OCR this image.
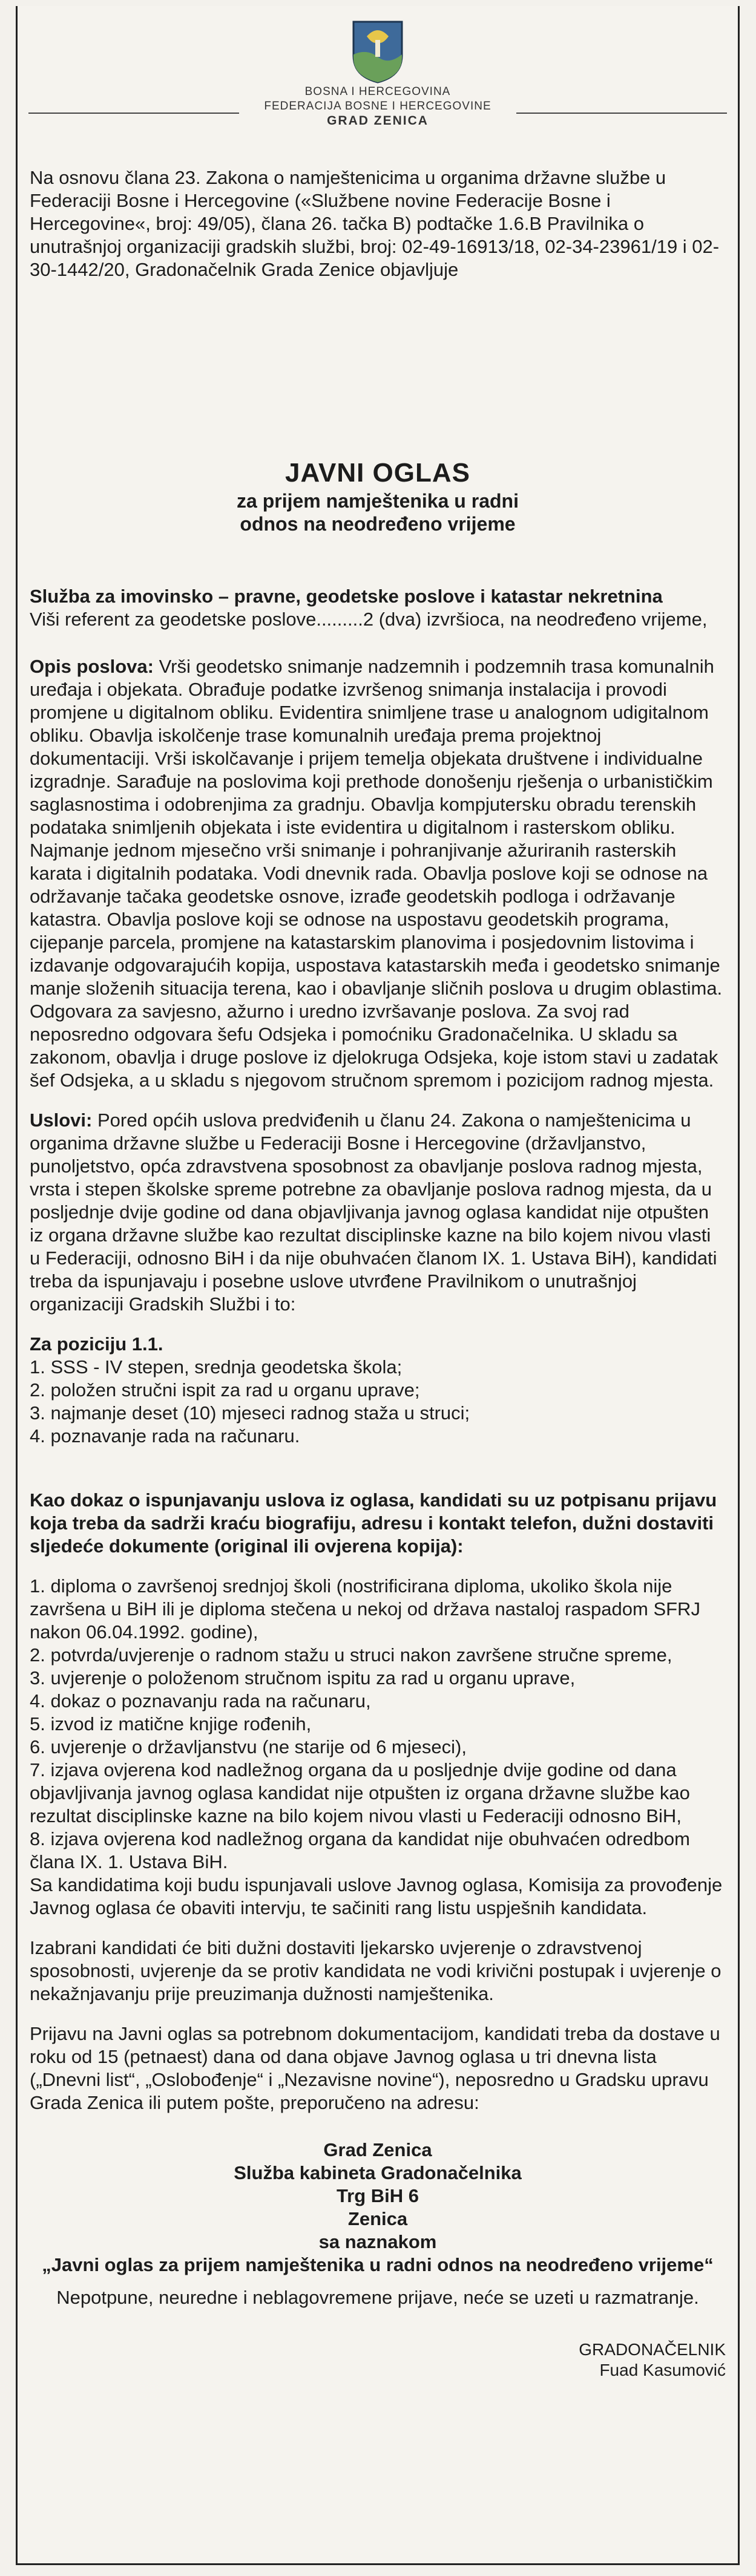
BOSNA I HERCEGOVINA
FEDERACIJA BOSNE I HERCEGOVINE
GRAD ZENICA

Na osnovu člana 23. Zakona o namještenicima u organima državne službe u Federaciji Bosne i Hercegovine («Službene novine Federacije Bosne i Hercegovine«, broj: 49/05), člana 26. tačka B) podtačke 1.6.B Pravilnika o unutrašnjoj organizaciji gradskih službi, broj: 02-49-16913/18, 02-34-23961/19 i 02-30-1442/20, Gradonačelnik Grada Zenice objavljuje

JAVNI OGLAS
za prijem namještenika u radni
odnos na neodređeno vrijeme
Služba za imovinsko – pravne, geodetske poslove i katastar nekretnina

Viši referent za geodetske poslove.........2 (dva) izvršioca, na neodređeno vrijeme,

Opis poslova: Vrši geodetsko snimanje nadzemnih i podzemnih trasa komunalnih uređaja i objekata. Obrađuje podatke izvršenog snimanja instalacija i provodi promjene u digitalnom obliku. Evidentira snimljene trase u analognom udigitalnom obliku. Obavlja iskolčenje trase komunalnih uređaja prema projektnoj dokumentaciji. Vrši iskolčavanje i prijem temelja objekata društvene i individualne izgradnje. Sarađuje na poslovima koji prethode donošenju rješenja o urbanističkim saglasnostima i odobrenjima za gradnju. Obavlja kompjutersku obradu terenskih podataka snimljenih objekata i iste evidentira u digitalnom i rasterskom obliku. Najmanje jednom mjesečno vrši snimanje i pohranjivanje ažuriranih rasterskih karata i digitalnih podataka. Vodi dnevnik rada. Obavlja poslove koji se odnose na održavanje tačaka geodetske osnove, izrađe geodetskih podloga i održavanje katastra. Obavlja poslove koji se odnose na uspostavu geodetskih programa, cijepanje parcela, promjene na katastarskim planovima i posjedovnim listovima i izdavanje odgovarajućih kopija, uspostava katastarskih međa i geodetsko snimanje manje složenih situacija terena, kao i obavljanje sličnih poslova u drugim oblastima. Odgovara za savjesno, ažurno i uredno izvršavanje poslova. Za svoj rad neposredno odgovara šefu Odsjeka i pomoćniku Gradonačelnika. U skladu sa zakonom, obavlja i druge poslove iz djelokruga Odsjeka, koje istom stavi u zadatak šef Odsjeka, a u skladu s njegovom stručnom spremom i pozicijom radnog mjesta.

Uslovi: Pored općih uslova predviđenih u članu 24. Zakona o namještenicima u organima državne službe u Federaciji Bosne i Hercegovine (državljanstvo, punoljetstvo, opća zdravstvena sposobnost za obavljanje poslova radnog mjesta, vrsta i stepen školske spreme potrebne za obavljanje poslova radnog mjesta, da u posljednje dvije godine od dana objavljivanja javnog oglasa kandidat nije otpušten iz organa državne službe kao rezultat disciplinske kazne na bilo kojem nivou vlasti u Federaciji, odnosno BiH i da nije obuhvaćen članom IX. 1. Ustava BiH), kandidati treba da ispunjavaju i posebne uslove utvrđene Pravilnikom o unutrašnjoj organizaciji Gradskih Službi i to:

Za poziciju 1.1.
1. SSS - IV stepen, srednja geodetska škola;
2. položen stručni ispit za rad u organu uprave;
3. najmanje deset (10) mjeseci radnog staža u struci;
4. poznavanje rada na računaru.

Kao dokaz o ispunjavanju uslova iz oglasa, kandidati su uz potpisanu prijavu koja treba da sadrži kraću biografiju, adresu i kontakt telefon, dužni dostaviti sljedeće dokumente (original ili ovjerena kopija):

1. diploma o završenoj srednjoj školi (nostrificirana diploma, ukoliko škola nije završena u BiH ili je diploma stečena u nekoj od država nastalој raspadom SFRJ nakon 06.04.1992. godine),
2. potvrda/uvjerenje o radnom stažu u struci nakon završene stručne spreme,
3. uvjerenje o položenom stručnom ispitu za rad u organu uprave,
4. dokaz o poznavanju rada na računaru,
5. izvod iz matične knjige rođenih,
6. uvjerenje o državljanstvu (ne starije od 6 mjeseci),
7. izjava ovjerena kod nadležnog organa da u posljednje dvije godine od dana objavljivanja javnog oglasa kandidat nije otpušten iz organa državne službe kao rezultat disciplinske kazne na bilo kojem nivou vlasti u Federaciji odnosno BiH,
8. izjava ovjerena kod nadležnog organa da kandidat nije obuhvaćen odredbom člana IX. 1. Ustava BiH.

Sa kandidatima koji budu ispunjavali uslove Javnog oglasa, Komisija za provođenje Javnog oglasa će obaviti intervju, te sačiniti rang listu uspješnih kandidata.

Izabrani kandidati će biti dužni dostaviti ljekarsko uvjerenje o zdravstvenoj sposobnosti, uvjerenje da se protiv kandidata ne vodi krivični postupak i uvjerenje o nekažnjavanju prije preuzimanja dužnosti namještenika.

Prijavu na Javni oglas sa potrebnom dokumentacijom, kandidati treba da dostave u roku od 15 (petnaest) dana od dana objave Javnog oglasa u tri dnevna lista („Dnevni list“, „Oslobođenje“ i „Nezavisne novine“), neposredno u Gradsku upravu Grada Zenica ili putem pošte, preporučeno na adresu:

Grad Zenica
Služba kabineta Gradonačelnika
Trg BiH 6
Zenica
sa naznakom
„Javni oglas za prijem namještenika u radni odnos na neodređeno vrijeme“

Nepotpune, neuredne i neblagovremene prijave, neće se uzeti u razmatranje.

GRADONAČELNIK
Fuad Kasumović
